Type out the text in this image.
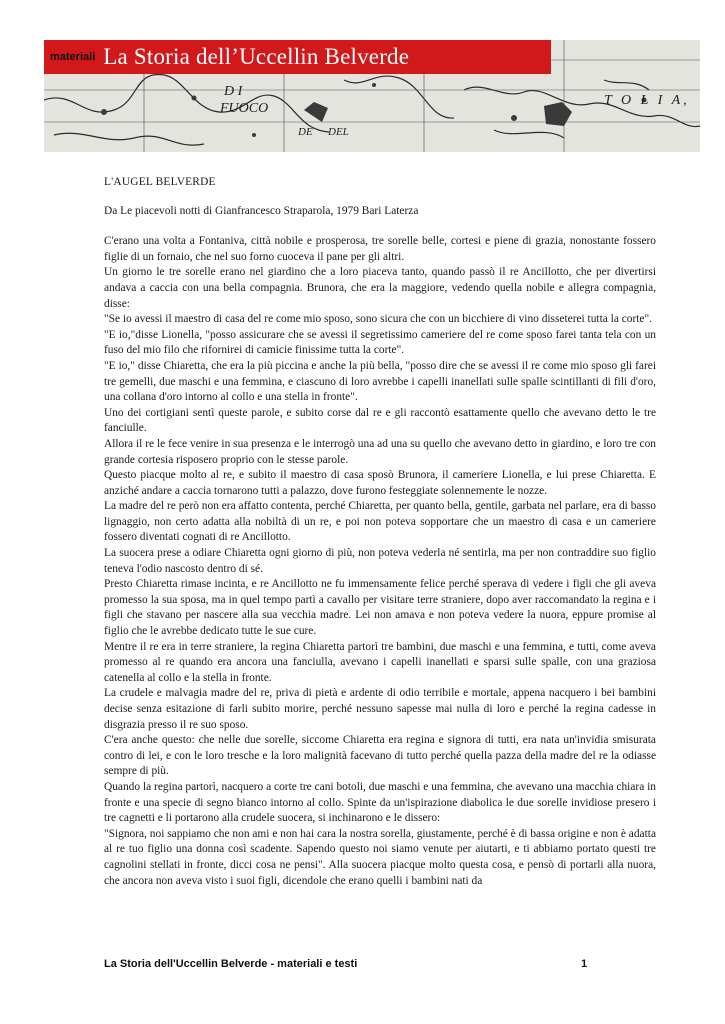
D I
FUOCO
DE DEL
T O L I A,
materiali La Storia dell’Uccellin Belverde

L'AUGEL BELVERDE

Da Le piacevoli notti di Gianfrancesco Straparola, 1979 Bari Laterza

C'erano una volta a Fontaniva, città nobile e prosperosa, tre sorelle belle, cortesi e piene di grazia, nonostante fossero figlie di un fornaio, che nel suo forno cuoceva il pane per gli altri.

Un giorno le tre sorelle erano nel giardino che a loro piaceva tanto, quando passò il re Ancillotto, che per divertirsi andava a caccia con una bella compagnia. Brunora, che era la maggiore, vedendo quella nobile e allegra compagnia, disse:

"Se io avessi il maestro di casa del re come mio sposo, sono sicura che con un bicchiere di vino disseterei tutta la corte".

"E io,"disse Lionella, "posso assicurare che se avessi il segretissimo cameriere del re come sposo farei tanta tela con un fuso del mio filo che rifornirei di camicie finissime tutta la corte".

"E io," disse Chiaretta, che era la più piccina e anche la più bella, "posso dire che se avessi il re come mio sposo gli farei tre gemelli, due maschi e una femmina, e ciascuno di loro avrebbe i capelli inanellati sulle spalle scintillanti di fili d'oro, una collana d'oro intorno al collo e una stella in fronte".

Uno dei cortigiani sentì queste parole, e subito corse dal re e gli raccontò esattamente quello che avevano detto le tre fanciulle.

Allora il re le fece venire in sua presenza e le interrogò una ad una su quello che avevano detto in giardino, e loro tre con grande cortesia risposero proprio con le stesse parole.

Questo piacque molto al re, e subito il maestro di casa sposò Brunora, il cameriere Lionella, e lui prese Chiaretta. E anziché andare a caccia tornarono tutti a palazzo, dove furono festeggiate solennemente le nozze.

La madre del re però non era affatto contenta, perché Chiaretta, per quanto bella, gentile, garbata nel parlare, era di basso lignaggio, non certo adatta alla nobiltà di un re, e poi non poteva sopportare che un maestro di casa e un cameriere fossero diventati cognati di re Ancillotto.

La suocera prese a odiare Chiaretta ogni giorno di più, non poteva vederla né sentirla, ma per non contraddire suo figlio teneva l'odio nascosto dentro di sé.

Presto Chiaretta rimase incinta, e re Ancillotto ne fu immensamente felice perché sperava di vedere i figli che gli aveva promesso la sua sposa, ma in quel tempo partì a cavallo per visitare terre straniere, dopo aver raccomandato la regina e i figli che stavano per nascere alla sua vecchia madre. Lei non amava e non poteva vedere la nuora, eppure promise al figlio che le avrebbe dedicato tutte le sue cure.

Mentre il re era in terre straniere, la regina Chiaretta partorì tre bambini, due maschi e una femmina, e tutti, come aveva promesso al re quando era ancora una fanciulla, avevano i capelli inanellati e sparsi sulle spalle, con una graziosa catenella al collo e la stella in fronte.

La crudele e malvagia madre del re, priva di pietà e ardente di odio terribile e mortale, appena nacquero i bei bambini decise senza esitazione di farli subito morire, perché nessuno sapesse mai nulla di loro e perché la regina cadesse in disgrazia presso il re suo sposo.

C'era anche questo: che nelle due sorelle, siccome Chiaretta era regina e signora di tutti, era nata un'invidia smisurata contro di lei, e con le loro tresche e la loro malignità facevano di tutto perché quella pazza della madre del re la odiasse sempre di più.

Quando la regina partorì, nacquero a corte tre cani botoli, due maschi e una femmina, che avevano una macchia chiara in fronte e una specie di segno bianco intorno al collo. Spinte da un'ispirazione diabolica le due sorelle invidiose presero i tre cagnetti e li portarono alla crudele suocera, si inchinarono e le dissero:

"Signora, noi sappiamo che non ami e non hai cara la nostra sorella, giustamente, perché è di bassa origine e non è adatta al re tuo figlio una donna così scadente. Sapendo questo noi siamo venute per aiutarti, e ti abbiamo portato questi tre cagnolini stellati in fronte, dicci cosa ne pensi". Alla suocera piacque molto questa cosa, e pensò di portarli alla nuora, che ancora non aveva visto i suoi figli, dicendole che erano quelli i bambini nati da

La Storia dell'Uccellin Belverde - materiali e testi	1
